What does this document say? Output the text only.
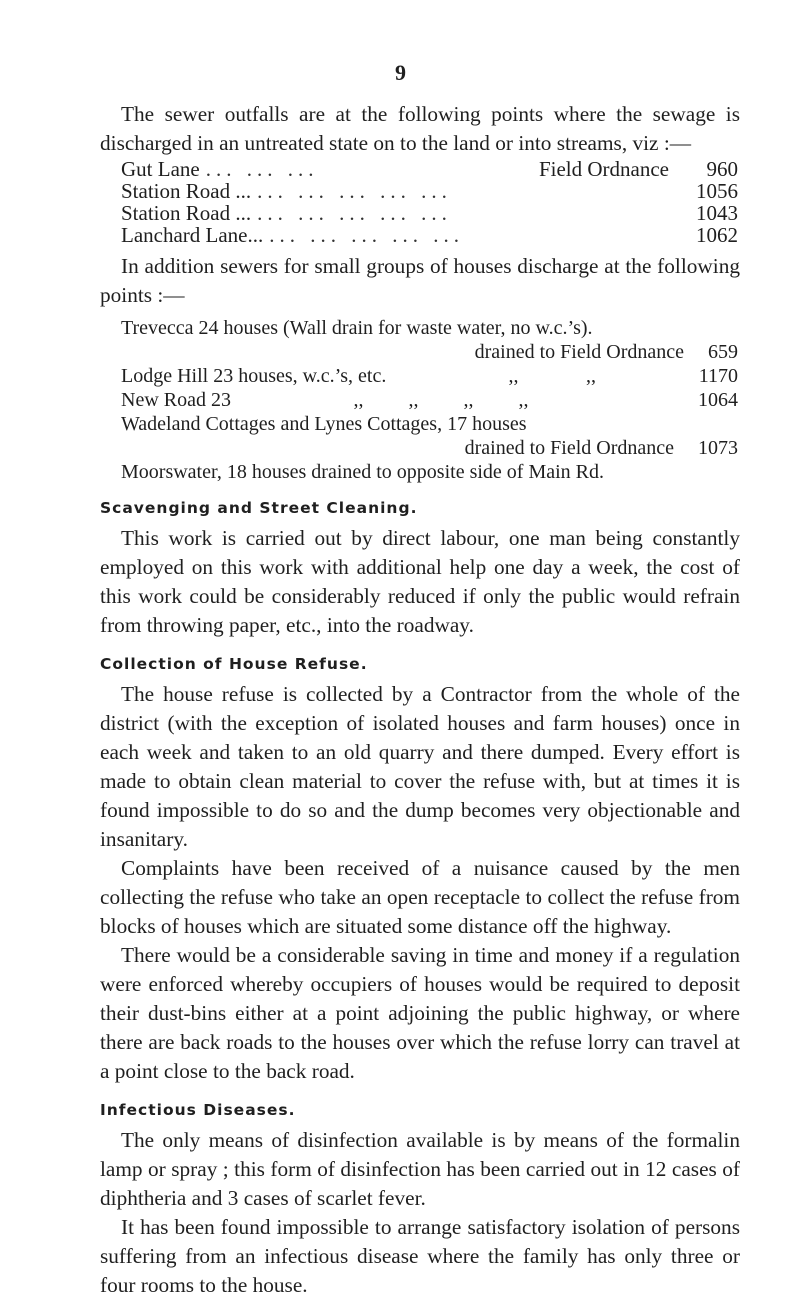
9

The sewer outfalls are at the following points where the sewage is discharged in an untreated state on to the land or into streams, viz :—

Gut Lane ... ... ...	Field Ordnance	960
Station Road ... ... ... ... ... ...	1056
Station Road ... ... ... ... ... ...	1043
Lanchard Lane... ... ... ... ... ...	1062

In addition sewers for small groups of houses discharge at the following points :—

Trevecca 24 houses (Wall drain for waste water, no w.c.’s).
drained to Field Ordnance	659
Lodge Hill 23 houses, w.c.’s, etc.	,,	,,	1170
New Road 23	,,	,,	,,	,,	1064
Wadeland Cottages and Lynes Cottages, 17 houses
drained to Field Ordnance	1073
Moorswater, 18 houses drained to opposite side of Main Rd.
Scavenging and Street Cleaning.

This work is carried out by direct labour, one man being constantly employed on this work with additional help one day a week, the cost of this work could be considerably reduced if only the public would refrain from throwing paper, etc., into the roadway.

Collection of House Refuse.

The house refuse is collected by a Contractor from the whole of the district (with the exception of isolated houses and farm houses) once in each week and taken to an old quarry and there dumped. Every effort is made to obtain clean material to cover the refuse with, but at times it is found impossible to do so and the dump becomes very objectionable and insanitary.

Complaints have been received of a nuisance caused by the men collecting the refuse who take an open receptacle to collect the refuse from blocks of houses which are situated some distance off the highway.

There would be a considerable saving in time and money if a regulation were enforced whereby occupiers of houses would be required to deposit their dust-bins either at a point adjoining the public highway, or where there are back roads to the houses over which the refuse lorry can travel at a point close to the back road.

Infectious Diseases.

The only means of disinfection available is by means of the formalin lamp or spray ; this form of disinfection has been carried out in 12 cases of diphtheria and 3 cases of scarlet fever.

It has been found impossible to arrange satisfactory isolation of persons suffering from an infectious disease where the family has only three or four rooms to the house.
